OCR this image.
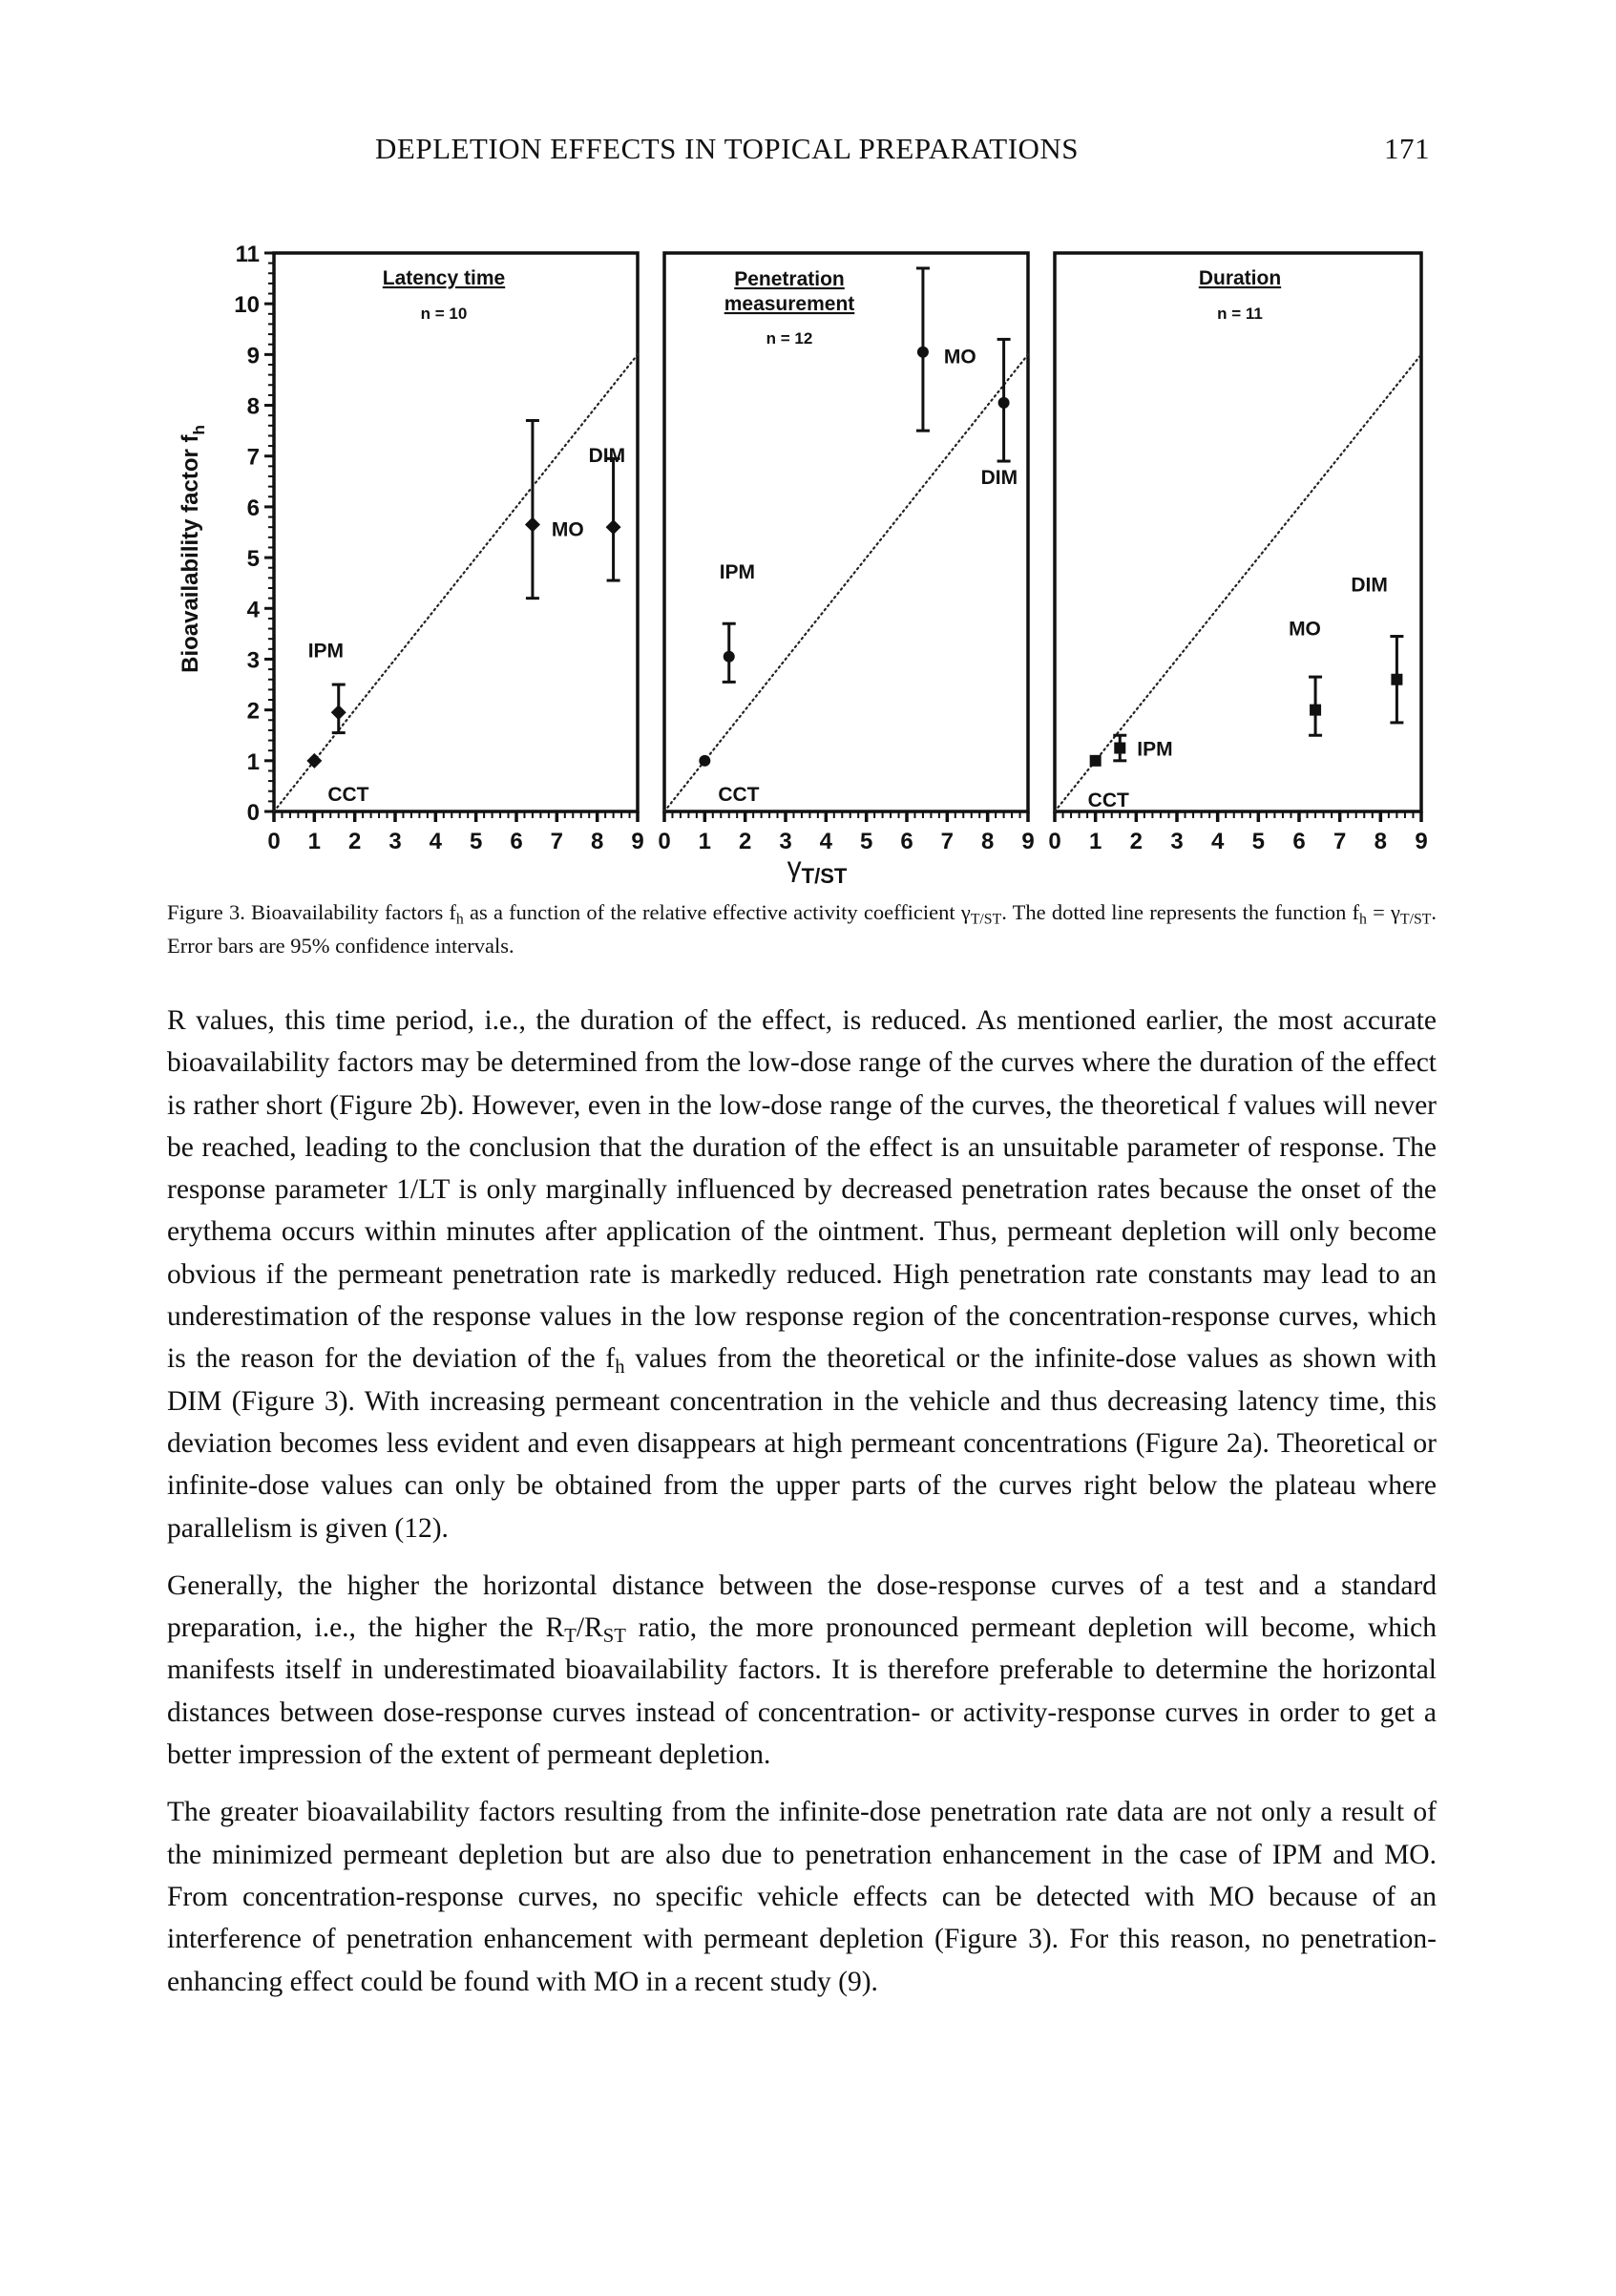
DEPLETION EFFECTS IN TOPICAL PREPARATIONS	171
Bioavailability factor $f_h$
$\gamma_{T/ST}$
0
1
2
3
4
5
6
7
8
9
10
11
0 1 2 3 4 5 6 7 8 9
CCT
IPM
MO
DIM
0 1 2 3 4 5 6 7 8 9
CCT
IPM
MO
DIM
0 1 2 3 4 5 6 7 8 9
CCT
IPM
MO
DIM
Latency time
n = 10
Penetration
measurement
n = 12
Duration
n = 11
Figure 3. Bioavailability factors $f_h$ as a function of the relative effective activity coefficient $\gamma_{T/ST}$. The dotted line represents the function $f_h = \gamma_{T/ST}$. Error bars are 95% confidence intervals.

R values, this time period, i.e., the duration of the effect, is reduced. As mentioned earlier, the most accurate bioavailability factors may be determined from the low-dose range of the curves where the duration of the effect is rather short (Figure 2b). However, even in the low-dose range of the curves, the theoretical f values will never be reached, leading to the conclusion that the duration of the effect is an unsuitable parameter of response. The response parameter 1/LT is only marginally influenced by decreased penetration rates because the onset of the erythema occurs within minutes after application of the ointment. Thus, permeant depletion will only become obvious if the permeant penetration rate is markedly reduced. High penetration rate constants may lead to an underestimation of the response values in the low response region of the concentration-response curves, which is the reason for the deviation of the $f_h$ values from the theoretical or the infinite-dose values as shown with DIM (Figure 3). With increasing permeant concentration in the vehicle and thus decreasing latency time, this deviation becomes less evident and even disappears at high permeant concentrations (Figure 2a). Theoretical or infinite-dose values can only be obtained from the upper parts of the curves right below the plateau where parallelism is given (12).

Generally, the higher the horizontal distance between the dose-response curves of a test and a standard preparation, i.e., the higher the $R_T/R_{ST}$ ratio, the more pronounced permeant depletion will become, which manifests itself in underestimated bioavailability factors. It is therefore preferable to determine the horizontal distances between dose-response curves instead of concentration- or activity-response curves in order to get a better impression of the extent of permeant depletion.

The greater bioavailability factors resulting from the infinite-dose penetration rate data are not only a result of the minimized permeant depletion but are also due to penetration enhancement in the case of IPM and MO. From concentration-response curves, no specific vehicle effects can be detected with MO because of an interference of penetration enhancement with permeant depletion (Figure 3). For this reason, no penetration-enhancing effect could be found with MO in a recent study (9).
